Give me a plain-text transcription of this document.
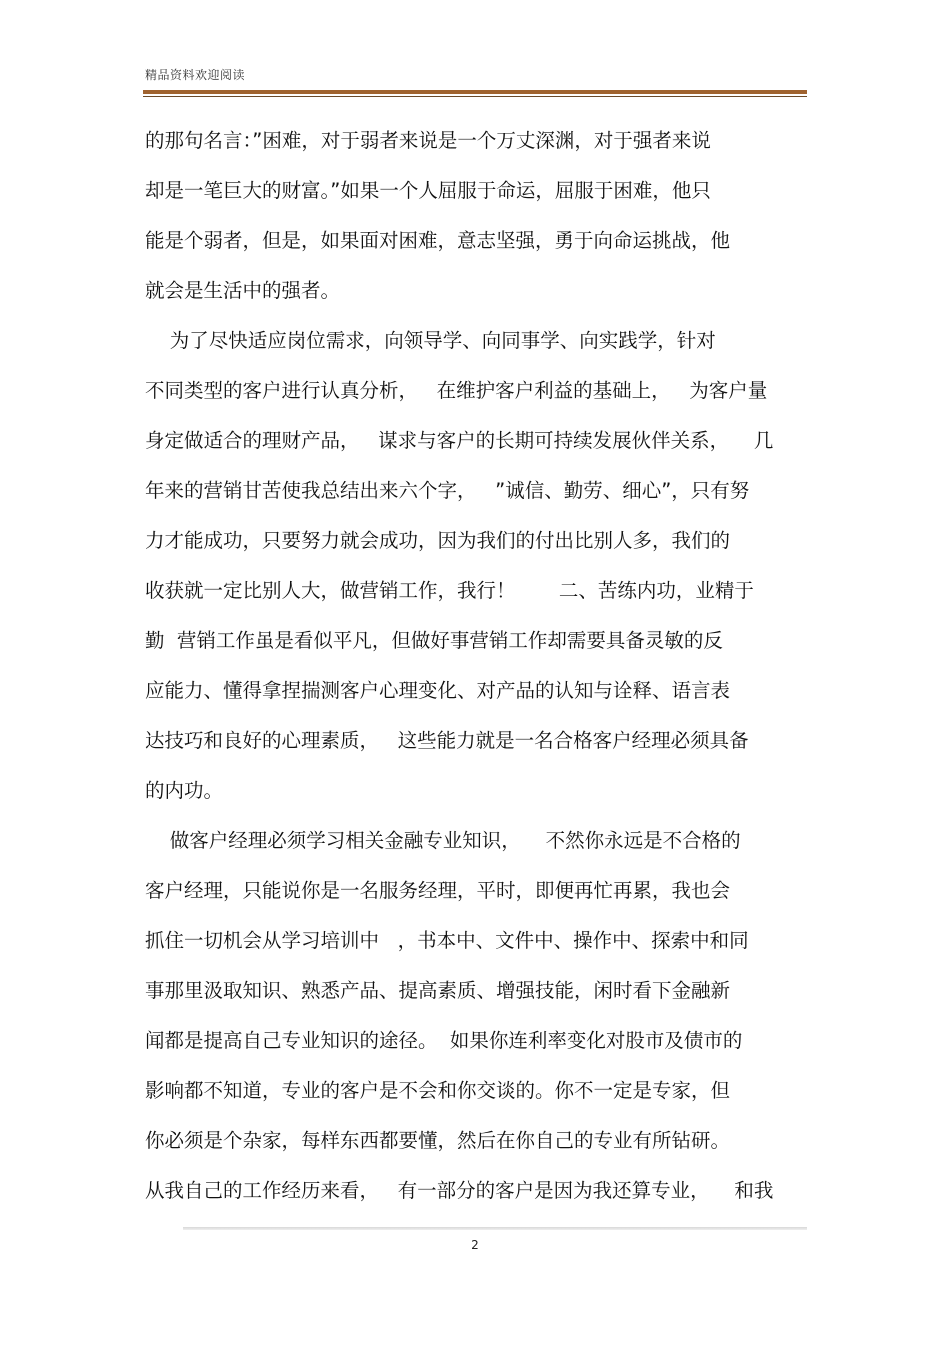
精品资料欢迎阅读
的那句名言：”困难，对于弱者来说是一个万丈深渊，对于强者来说
却是一笔巨大的财富。”如果一个人屈服于命运，屈服于困难，他只
能是个弱者，但是，如果面对困难，意志坚强，勇于向命运挑战，他
就会是生活中的强者。
为了尽快适应岗位需求，向领导学、向同事学、向实践学，针对
不同类型的客户进行认真分析，   在维护客户利益的基础上，   为客户量
身定做适合的理财产品，   谋求与客户的长期可持续发展伙伴关系，    几
年来的营销甘苦使我总结出来六个字，   ”诚信、勤劳、细心”，只有努
力才能成功，只要努力就会成功，因为我们的付出比别人多，我们的
收获就一定比别人大，做营销工作，我行！       二、苦练内功，业精于
勤  营销工作虽是看似平凡，但做好事营销工作却需要具备灵敏的反
应能力、懂得拿捏揣测客户心理变化、对产品的认知与诠释、语言表
达技巧和良好的心理素质，   这些能力就是一名合格客户经理必须具备
的内功。
做客户经理必须学习相关金融专业知识，    不然你永远是不合格的
客户经理，只能说你是一名服务经理，平时，即便再忙再累，我也会
抓住一切机会从学习培训中   ，书本中、文件中、操作中、探索中和同
事那里汲取知识、熟悉产品、提高素质、增强技能，闲时看下金融新
闻都是提高自己专业知识的途径。  如果你连利率变化对股市及债市的
影响都不知道，专业的客户是不会和你交谈的。你不一定是专家，但
你必须是个杂家，每样东西都要懂，然后在你自己的专业有所钻研。
从我自己的工作经历来看，   有一部分的客户是因为我还算专业，    和我
2
